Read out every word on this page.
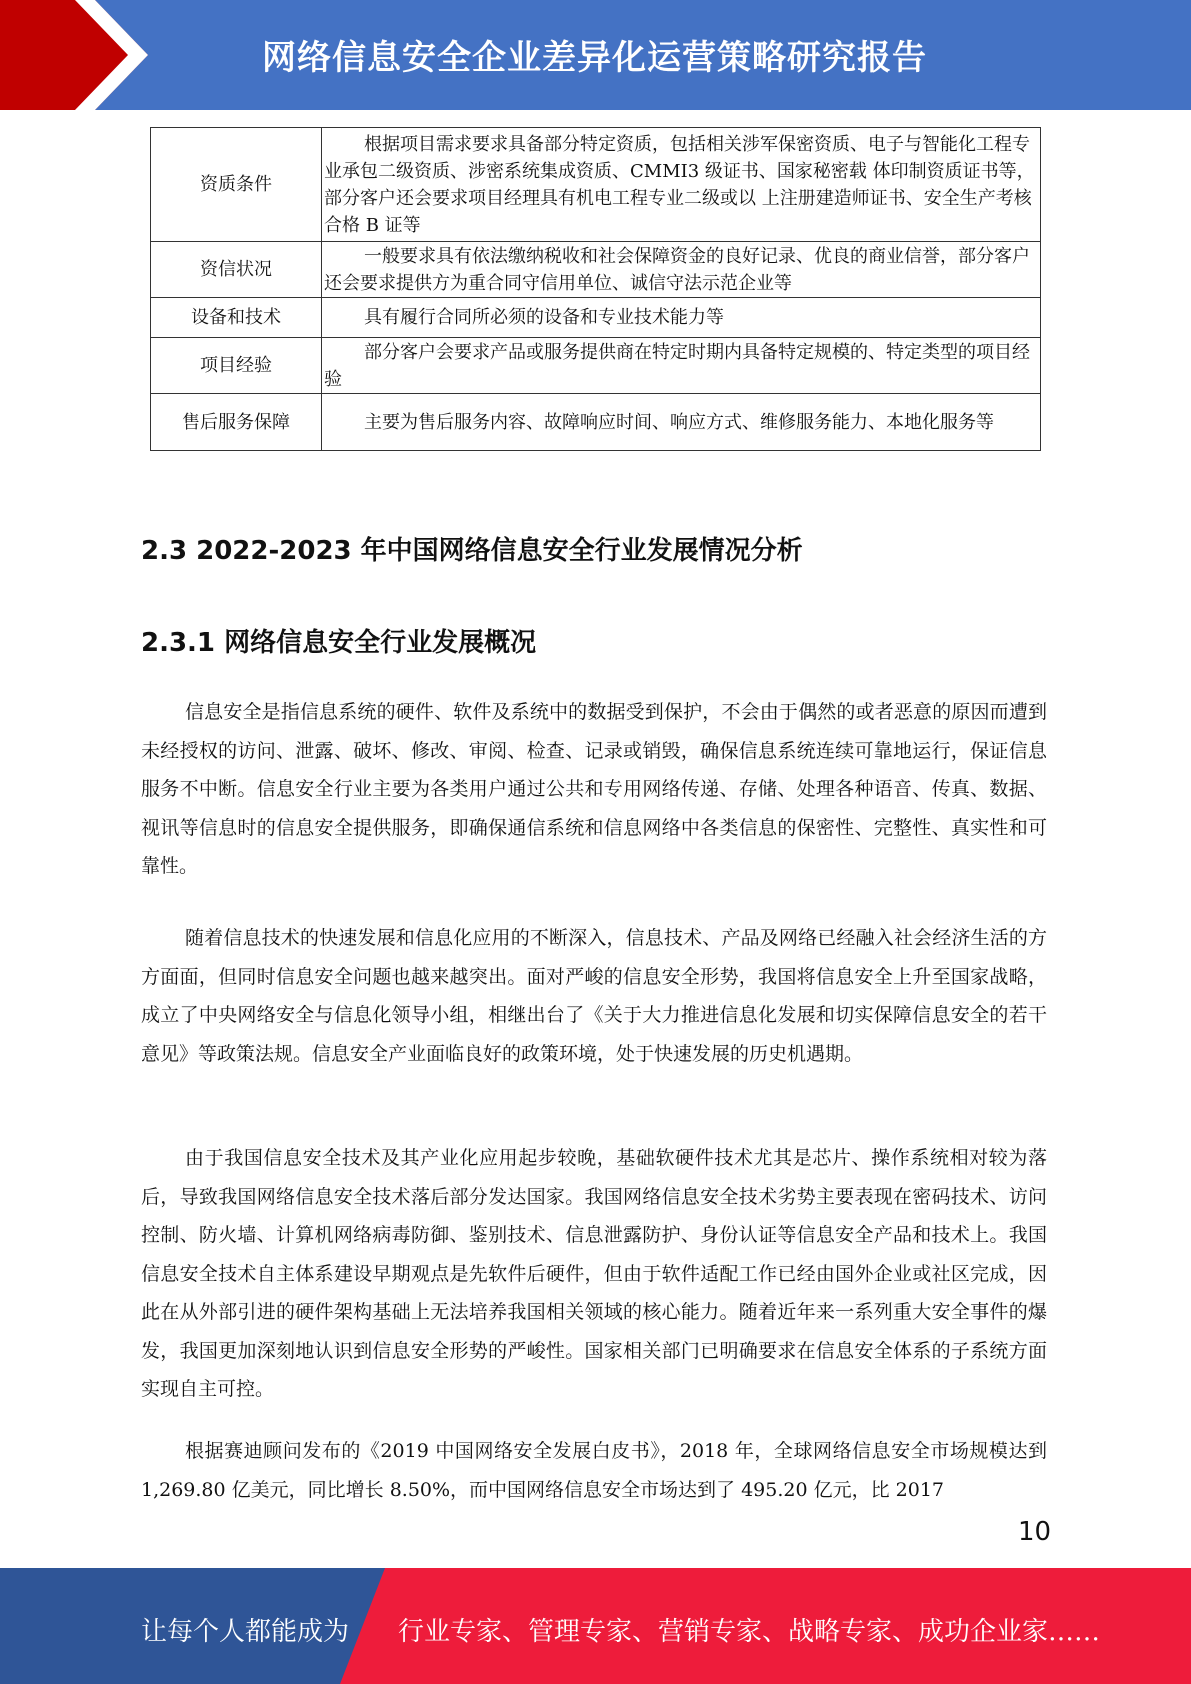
网络信息安全企业差异化运营策略研究报告
资质条件	根据项目需求要求具备部分特定资质，包括相关涉军保密资质、电子与智能化工程专业承包二级资质、涉密系统集成资质、CMMI3 级证书、国家秘密载 体印制资质证书等，部分客户还会要求项目经理具有机电工程专业二级或以 上注册建造师证书、安全生产考核合格 B 证等
资信状况	一般要求具有依法缴纳税收和社会保障资金的良好记录、优良的商业信誉，部分客户还会要求提供方为重合同守信用单位、诚信守法示范企业等
设备和技术	具有履行合同所必须的设备和专业技术能力等
项目经验	部分客户会要求产品或服务提供商在特定时期内具备特定规模的、特定类型的项目经验
售后服务保障	主要为售后服务内容、故障响应时间、响应方式、维修服务能力、本地化服务等
2.3 2022-2023 年中国网络信息安全行业发展情况分析
2.3.1 网络信息安全行业发展概况

信息安全是指信息系统的硬件、软件及系统中的数据受到保护，不会由于偶然的或者恶意的原因而遭到未经授权的访问、泄露、破坏、修改、审阅、检查、记录或销毁，确保信息系统连续可靠地运行，保证信息服务不中断。信息安全行业主要为各类用户通过公共和专用网络传递、存储、处理各种语音、传真、数据、视讯等信息时的信息安全提供服务，即确保通信系统和信息网络中各类信息的保密性、完整性、真实性和可靠性。

随着信息技术的快速发展和信息化应用的不断深入，信息技术、产品及网络已经融入社会经济生活的方方面面，但同时信息安全问题也越来越突出。面对严峻的信息安全形势，我国将信息安全上升至国家战略，成立了中央网络安全与信息化领导小组，相继出台了《关于大力推进信息化发展和切实保障信息安全的若干意见》等政策法规。信息安全产业面临良好的政策环境，处于快速发展的历史机遇期。

由于我国信息安全技术及其产业化应用起步较晚，基础软硬件技术尤其是芯片、操作系统相对较为落后，导致我国网络信息安全技术落后部分发达国家。我国网络信息安全技术劣势主要表现在密码技术、访问控制、防火墙、计算机网络病毒防御、鉴别技术、信息泄露防护、身份认证等信息安全产品和技术上。我国信息安全技术自主体系建设早期观点是先软件后硬件，但由于软件适配工作已经由国外企业或社区完成，因此在从外部引进的硬件架构基础上无法培养我国相关领域的核心能力。随着近年来一系列重大安全事件的爆发，我国更加深刻地认识到信息安全形势的严峻性。国家相关部门已明确要求在信息安全体系的子系统方面实现自主可控。

根据赛迪顾问发布的《2019 中国网络安全发展白皮书》，2018 年，全球网络信息安全市场规模达到 1,269.80 亿美元，同比增长 8.50%，而中国网络信息安全市场达到了 495.20 亿元，比 2017

10
让每个人都能成为 行业专家、管理专家、营销专家、战略专家、成功企业家……
